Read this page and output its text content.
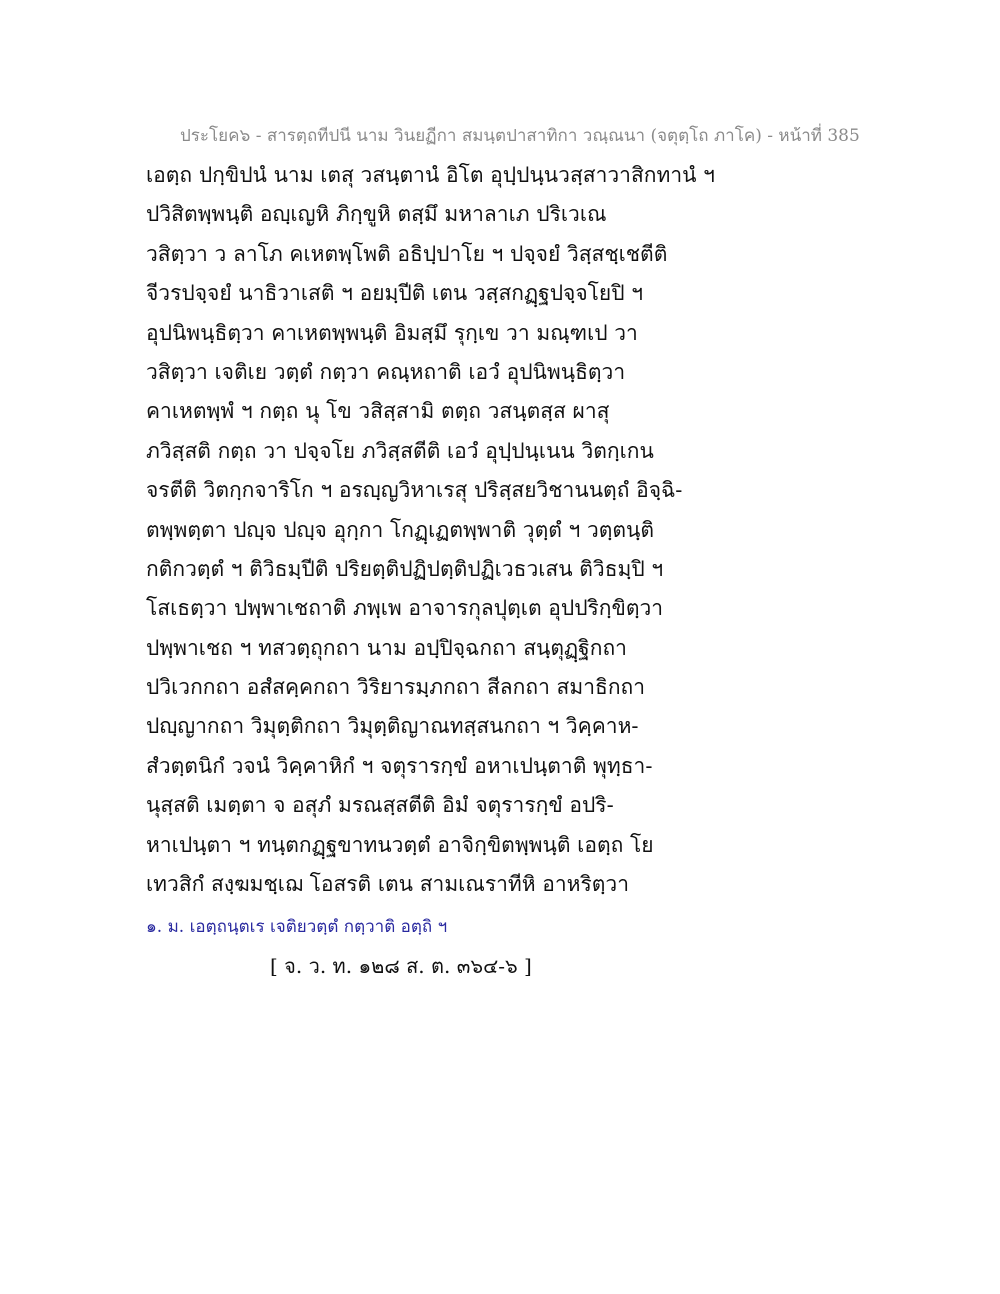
ประโยค๖ - สารตฺถทีปนี นาม วินยฏีกา สมนฺตปาสาทิกา วณฺณนา (จตุตฺโถ ภาโค) - หน้าที่ 385
เอตฺถ ปกฺขิปนํ นาม เตสุ วสนฺตานํ อิโต อุปฺปนฺนวสฺสาวาสิกทานํ ฯ
ปวิสิตพฺพนฺติ อญฺเญหิ ภิกฺขูหิ ตสฺมึ มหาลาเภ ปริเวเณ
วสิตฺวา ว ลาโภ คเหตพฺโพติ อธิปฺปาโย ฯ ปจฺจยํ วิสฺสชฺเชตีติ
จีวรปจฺจยํ นาธิวาเสติ ฯ อยมฺปีติ เตน วสฺสกฏฺฐปจฺจโยปิ ฯ
อุปนิพนฺธิตฺวา คาเหตพฺพนฺติ อิมสฺมึ รุกฺเข วา มณฺฑเป วา
วสิตฺวา เจติเย วตฺตํ กตฺวา คณฺหถาติ เอวํ อุปนิพนฺธิตฺวา
คาเหตพฺพํ ฯ กตฺถ นุ โข วสิสฺสามิ ตตฺถ วสนฺตสฺส ผาสุ
ภวิสฺสติ กตฺถ วา ปจฺจโย ภวิสฺสตีติ เอวํ อุปฺปนฺเนน วิตกฺเกน
จรตีติ วิตกฺกจาริโก ฯ อรญฺญวิหาเรสุ ปริสฺสยวิชานนตฺถํ อิจฺฉิ-
ตพฺพตฺตา ปญฺจ ปญฺจ อุกฺกา โกฏฺเฏตพฺพาติ วุตฺตํ ฯ วตฺตนฺติ
กติกวตฺตํ ฯ ติวิธมฺปีติ ปริยตฺติปฏิปตฺติปฏิเวธวเสน ติวิธมฺปิ ฯ
โสเธตฺวา ปพฺพาเชถาติ ภพฺเพ อาจารกุลปุตฺเต อุปปริกฺขิตฺวา
ปพฺพาเชถ ฯ ทสวตฺถุกถา นาม อปฺปิจฺฉกถา สนฺตุฏฺฐิกถา
ปวิเวกกถา อสํสคฺคกถา วิริยารมฺภกถา สีลกถา สมาธิกถา
ปญฺญากถา วิมุตฺติกถา วิมุตฺติญาณทสฺสนกถา ฯ วิคฺคาห-
สํวตฺตนิกํ วจนํ วิคฺคาหิกํ ฯ จตุรารกฺขํ อหาเปนฺตาติ พุทฺธา-
นุสฺสติ เมตฺตา จ อสุภํ มรณสฺสตีติ อิมํ จตุรารกฺขํ อปริ-
หาเปนฺตา ฯ ทนฺตกฏฺฐขาทนวตฺตํ อาจิกฺขิตพฺพนฺติ เอตฺถ โย
เทวสิกํ สงฺฆมชฺเฌ โอสรติ เตน สามเณราทีหิ อาหริตฺวา
๑. ม. เอตฺถนฺตเร เจติยวตฺตํ กตฺวาติ อตฺถิ ฯ
[ จ. ว. ท. ๑๒๘ ส. ต. ๓๖๔-๖ ]
